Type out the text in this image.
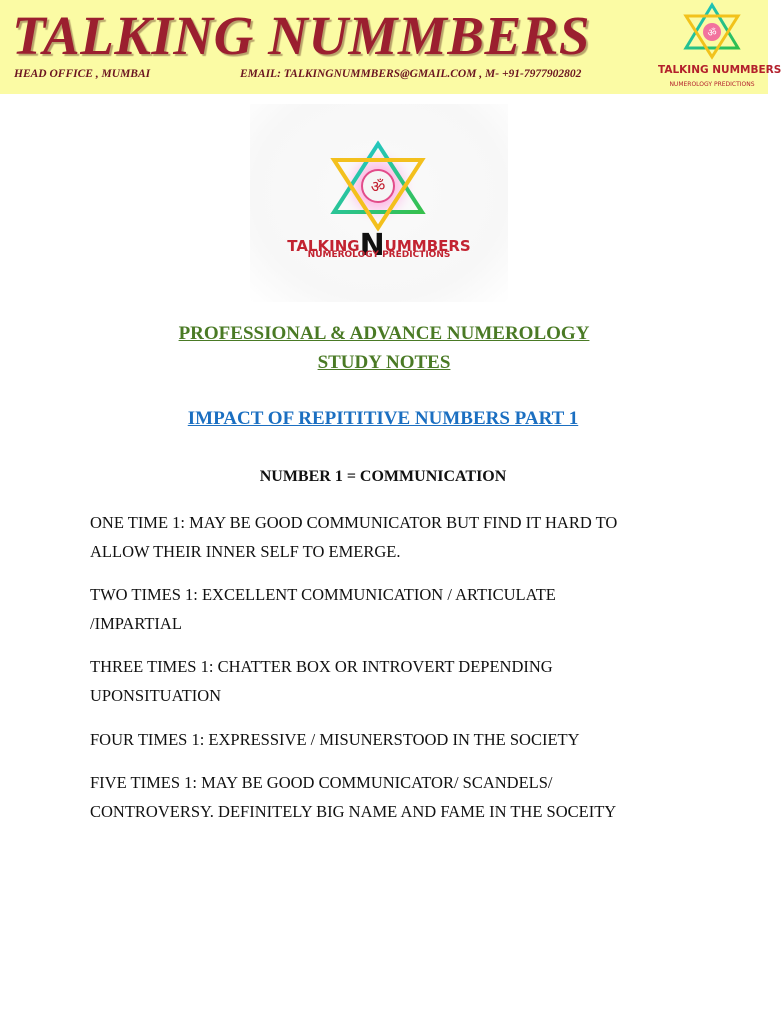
TALKING NUMMBERS
HEAD OFFICE , MUMBAI	EMAIL: TALKINGNUMMBERS@GMAIL.COM , M- +91-7977902802
ॐ
TALKING NUMMBERS
NUMEROLOGY PREDICTIONS
ॐ
TALKINGNUMMBERS
NUMEROLOGY PREDICTIONS
PROFESSIONAL & ADVANCE NUMEROLOGY
STUDY NOTES
IMPACT OF REPITITIVE NUMBERS PART 1
NUMBER 1 = COMMUNICATION
ONE TIME 1: MAY BE GOOD COMMUNICATOR BUT FIND IT HARD TO
ALLOW THEIR INNER SELF TO EMERGE.
TWO TIMES 1: EXCELLENT COMMUNICATION / ARTICULATE
/IMPARTIAL
THREE TIMES 1: CHATTER BOX OR INTROVERT DEPENDING
UPONSITUATION
FOUR TIMES 1: EXPRESSIVE / MISUNERSTOOD IN THE SOCIETY
FIVE TIMES 1: MAY BE GOOD COMMUNICATOR/ SCANDELS/
CONTROVERSY. DEFINITELY BIG NAME AND FAME IN THE SOCEITY
